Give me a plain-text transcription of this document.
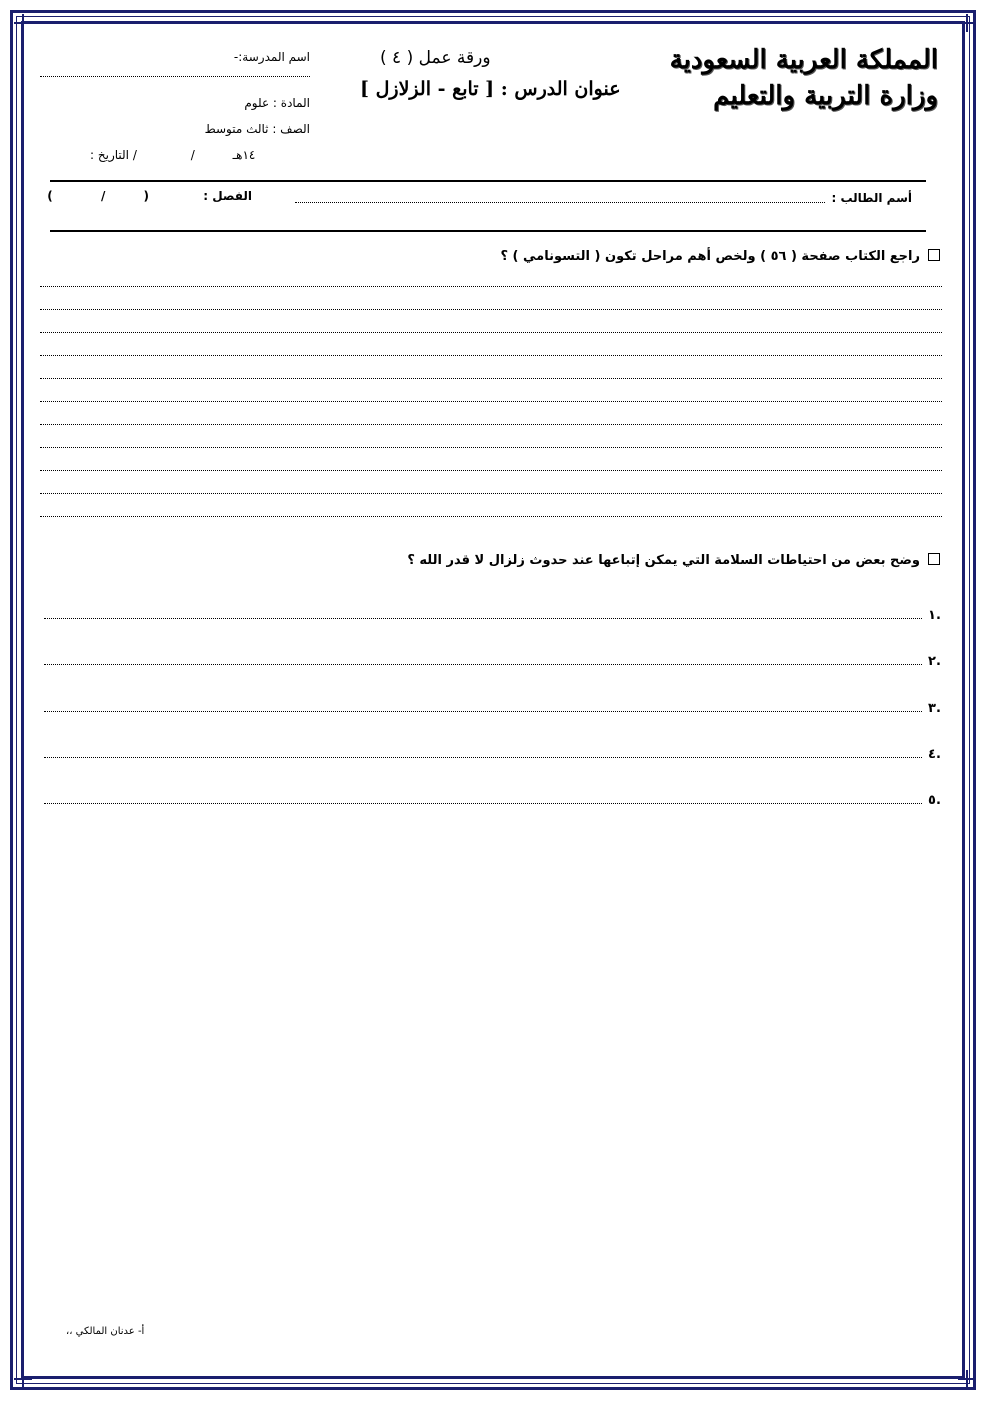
المملكة العربية السعودية
وزارة التربية والتعليم
ورقة عمل ( ٤ )
عنوان الدرس : [ تابع - الزلازل ]
اسم المدرسة:-
المادة : علوم
الصف : ثالث متوسط
التاريخ : /	/	١٤هـ
أسم الطالب :
الفصل : ( / )
راجع الكتاب صفحة ( ٥٦ ) ولخص أهم مراحل تكون ( التسونامي ) ؟
وضح بعض من احتياطات السلامة التي يمكن إتباعها عند حدوث زلزال لا قدر الله ؟
١.
٢.
٣.
٤.
٥.
أ- عدنان المالكي ،،
